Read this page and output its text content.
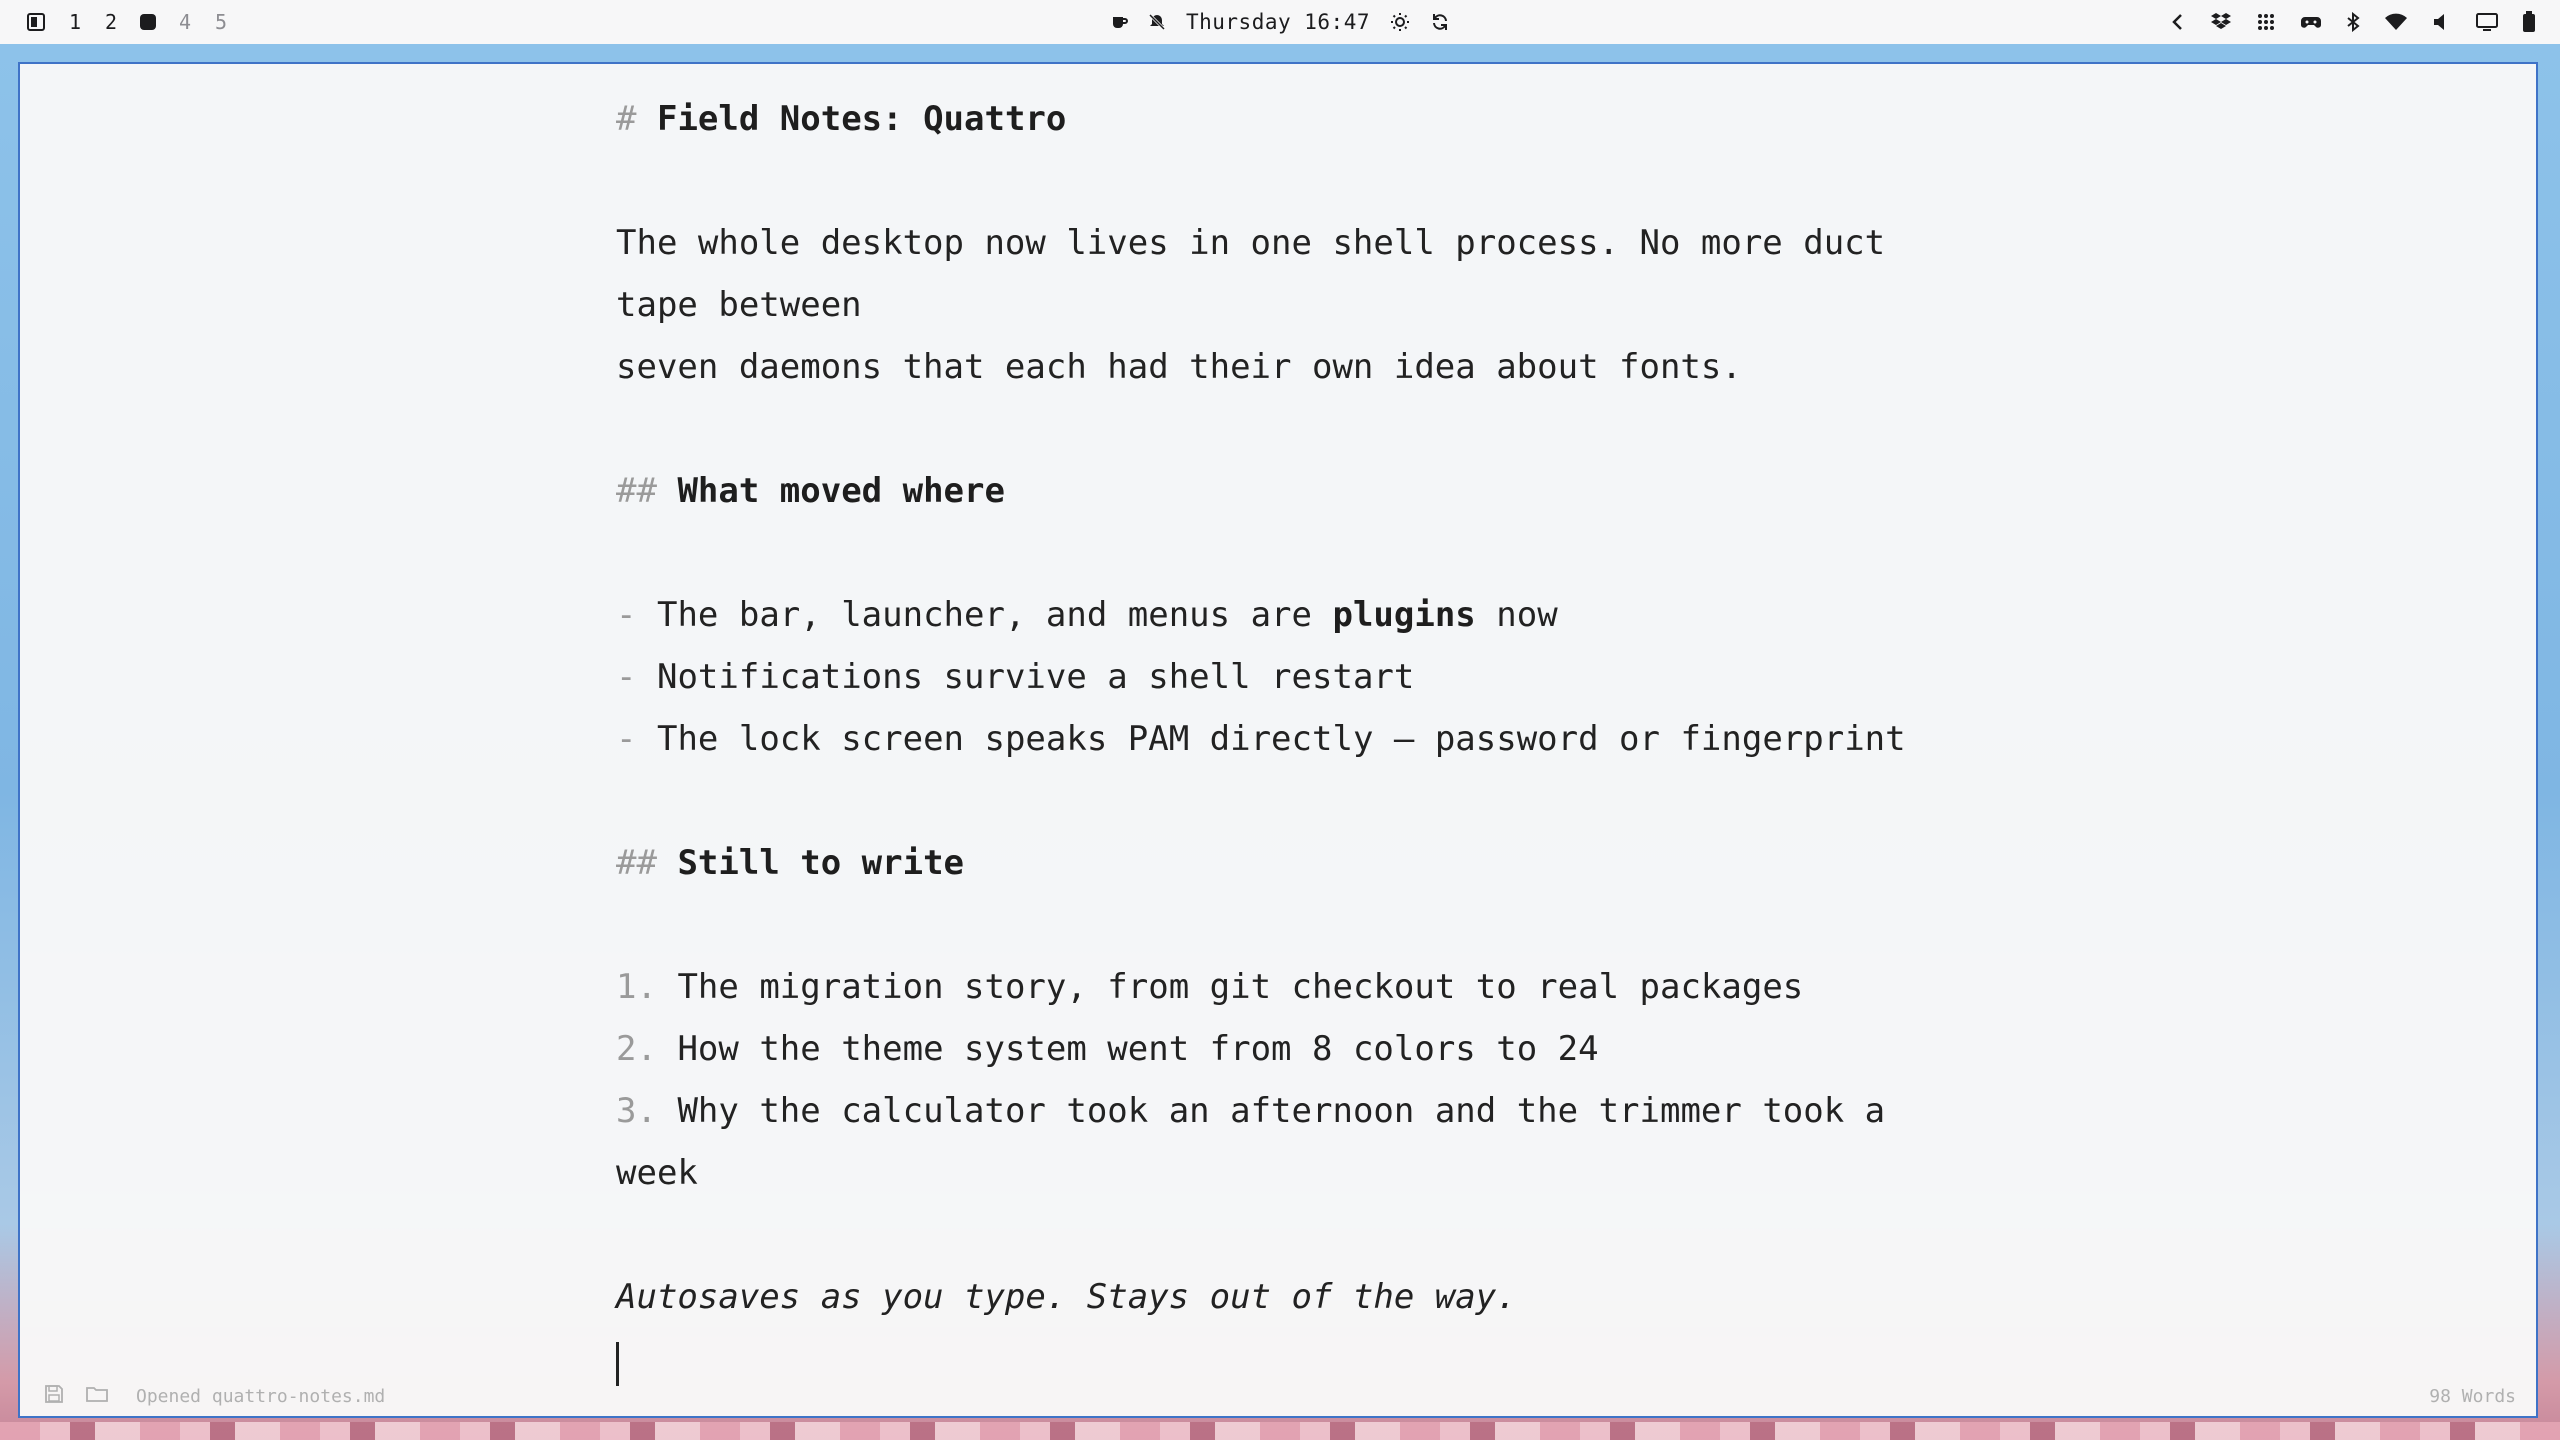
1 2	4 5	Thursday 16:47
# Field Notes: Quattro
The whole desktop now lives in one shell process. No more duct
tape between
seven daemons that each had their own idea about fonts.
## What moved where
- The bar, launcher, and menus are plugins now
- Notifications survive a shell restart
- The lock screen speaks PAM directly — password or fingerprint
## Still to write
1. The migration story, from git checkout to real packages
2. How the theme system went from 8 colors to 24
3. Why the calculator took an afternoon and the trimmer took a
week
Autosaves as you type. Stays out of the way.
Opened quattro-notes.md	98 Words
